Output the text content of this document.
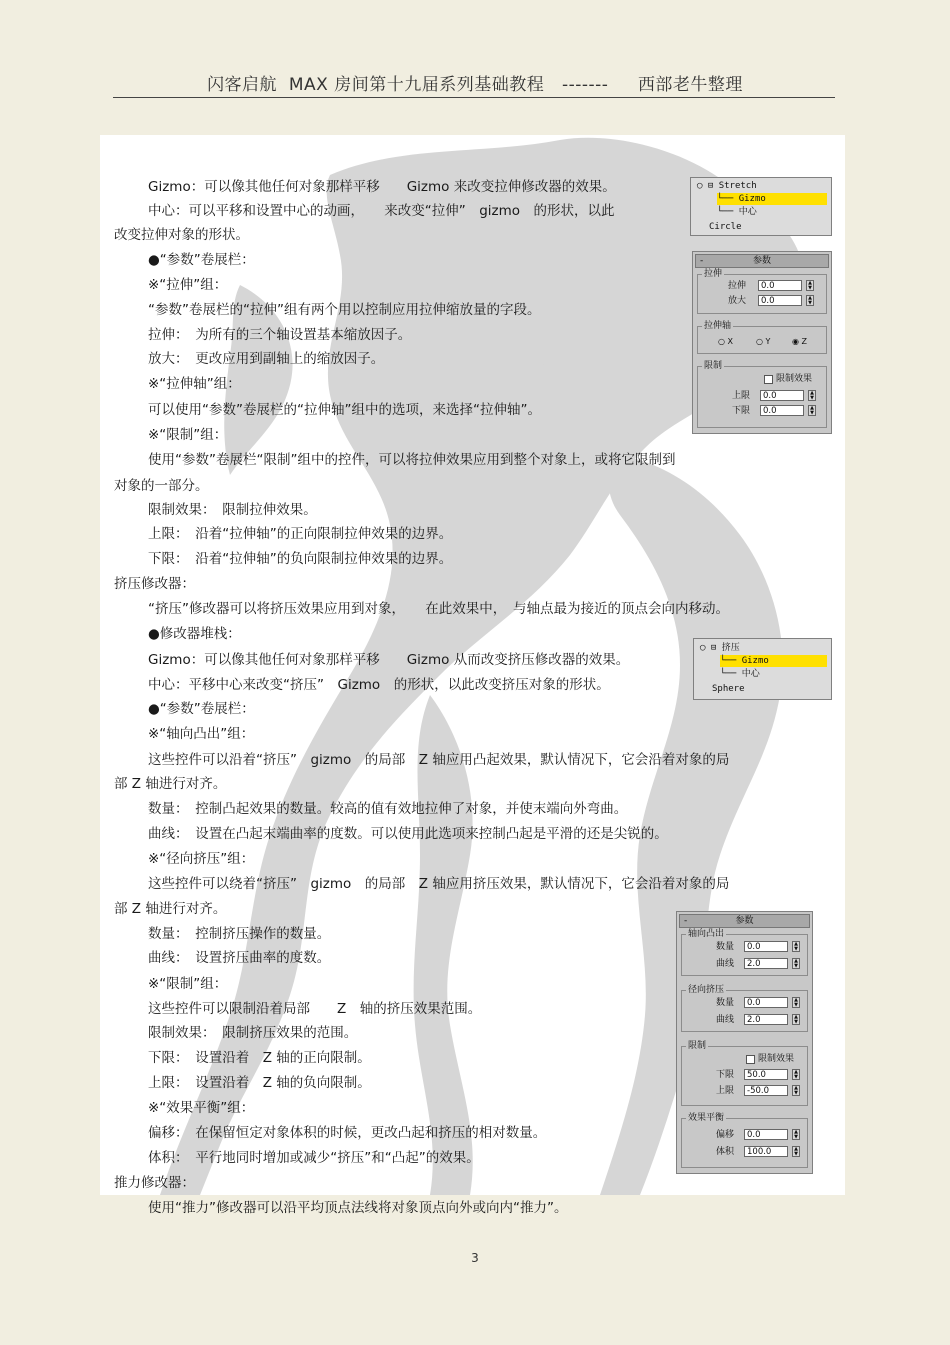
闪客启航 MAX 房间第十九届系列基础教程 ------- 西部老牛整理
Gizmo：可以像其他任何对象那样平移　　Gizmo 来改变拉伸修改器的效果。
中心：可以平移和设置中心的动画，　　来改变“拉伸”　gizmo　的形状，以此
改变拉伸对象的形状。
●“参数”卷展栏：
※“拉伸”组：
“参数”卷展栏的“拉伸”组有两个用以控制应用拉伸缩放量的字段。
拉伸：　为所有的三个轴设置基本缩放因子。
放大：　更改应用到副轴上的缩放因子。
※“拉伸轴”组：
可以使用“参数”卷展栏的“拉伸轴”组中的选项，来选择“拉伸轴”。
※“限制”组：
使用“参数”卷展栏“限制”组中的控件，可以将拉伸效果应用到整个对象上，或将它限制到
对象的一部分。
限制效果：　限制拉伸效果。
上限：　沿着“拉伸轴”的正向限制拉伸效果的边界。
下限：　沿着“拉伸轴”的负向限制拉伸效果的边界。
挤压修改器：
“挤压”修改器可以将挤压效果应用到对象，　　在此效果中，　与轴点最为接近的顶点会向内移动。
●修改器堆栈：
Gizmo：可以像其他任何对象那样平移　　Gizmo 从而改变挤压修改器的效果。
中心：平移中心来改变“挤压”　Gizmo　的形状，以此改变挤压对象的形状。
●“参数”卷展栏：
※“轴向凸出”组：
这些控件可以沿着“挤压”　gizmo　的局部　Z 轴应用凸起效果，默认情况下，它会沿着对象的局
部 Z 轴进行对齐。
数量：　控制凸起效果的数量。较高的值有效地拉伸了对象，并使末端向外弯曲。
曲线：　设置在凸起末端曲率的度数。可以使用此选项来控制凸起是平滑的还是尖锐的。
※“径向挤压”组：
这些控件可以绕着“挤压”　gizmo　的局部　Z 轴应用挤压效果，默认情况下，它会沿着对象的局
部 Z 轴进行对齐。
数量：　控制挤压操作的数量。
曲线：　设置挤压曲率的度数。
※“限制”组：
这些控件可以限制沿着局部　　Z　轴的挤压效果范围。
限制效果：　限制挤压效果的范围。
下限：　设置沿着　Z 轴的正向限制。
上限：　设置沿着　Z 轴的负向限制。
※“效果平衡”组：
偏移：　在保留恒定对象体积的时候，更改凸起和挤压的相对数量。
体积：　平行地同时增加或减少“挤压”和“凸起”的效果。
推力修改器：
使用“推力”修改器可以沿平均顶点法线将对象顶点向外或向内“推力”。
◯ ⊟ Stretch
└── Gizmo
└── 中心
Circle
-	参数
拉伸
拉伸	0.0	▲
▼
放大	0.0	▲
▼
拉伸轴
○ X	○ Y	◉ Z
限制
限制效果
上限	0.0	▲
▼
下限	0.0	▲
▼
◯ ⊟ 挤压
└── Gizmo
└── 中心
Sphere
-	参数
轴向凸出
数量	0.0	▲
▼
曲线	2.0	▲
▼
径向挤压
数量	0.0	▲
▼
曲线	2.0	▲
▼
限制
限制效果
下限	50.0	▲
▼
上限	-50.0	▲
▼
效果平衡
偏移	0.0	▲
▼
体积	100.0	▲
▼
3
